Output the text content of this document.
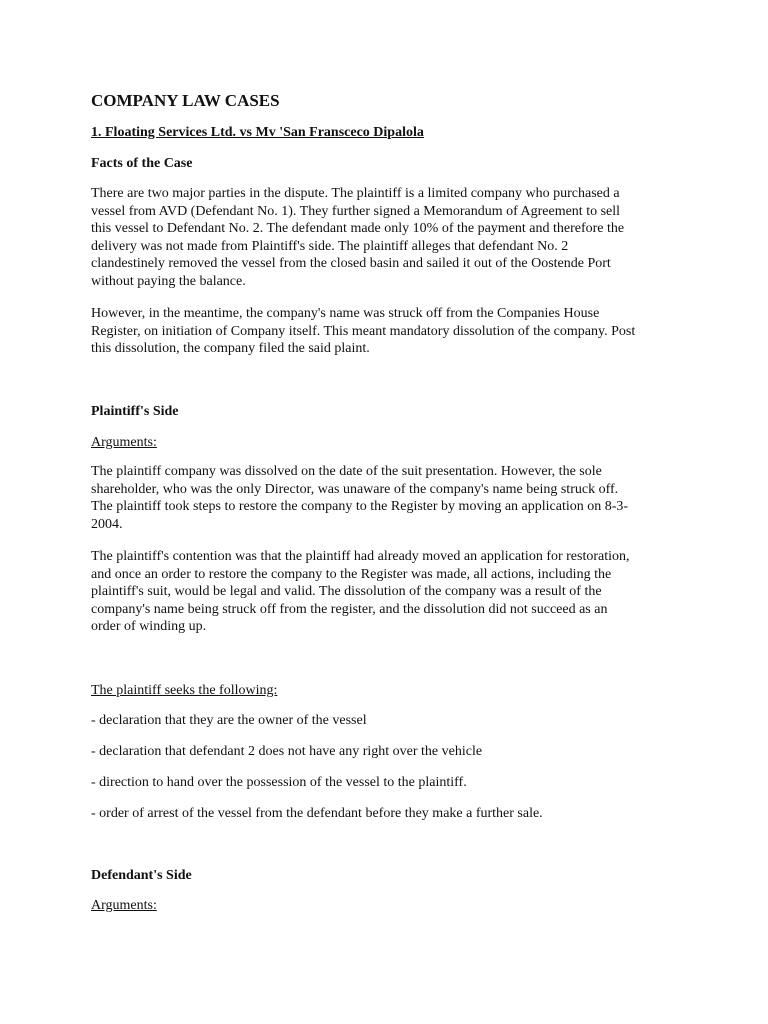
COMPANY LAW CASES
1. Floating Services Ltd. vs Mv 'San Fransceco Dipalola
Facts of the Case

There are two major parties in the dispute. The plaintiff is a limited company who purchased a
vessel from AVD (Defendant No. 1). They further signed a Memorandum of Agreement to sell
this vessel to Defendant No. 2. The defendant made only 10% of the payment and therefore the
delivery was not made from Plaintiff's side. The plaintiff alleges that defendant No. 2
clandestinely removed the vessel from the closed basin and sailed it out of the Oostende Port
without paying the balance.

However, in the meantime, the company's name was struck off from the Companies House
Register, on initiation of Company itself. This meant mandatory dissolution of the company. Post
this dissolution, the company filed the said plaint.

Plaintiff's Side
Arguments:

The plaintiff company was dissolved on the date of the suit presentation. However, the sole
shareholder, who was the only Director, was unaware of the company's name being struck off.
The plaintiff took steps to restore the company to the Register by moving an application on 8-3-
2004.

The plaintiff's contention was that the plaintiff had already moved an application for restoration,
and once an order to restore the company to the Register was made, all actions, including the
plaintiff's suit, would be legal and valid. The dissolution of the company was a result of the
company's name being struck off from the register, and the dissolution did not succeed as an
order of winding up.

The plaintiff seeks the following:
- declaration that they are the owner of the vessel
- declaration that defendant 2 does not have any right over the vehicle
- direction to hand over the possession of the vessel to the plaintiff.
- order of arrest of the vessel from the defendant before they make a further sale.
Defendant's Side
Arguments:
